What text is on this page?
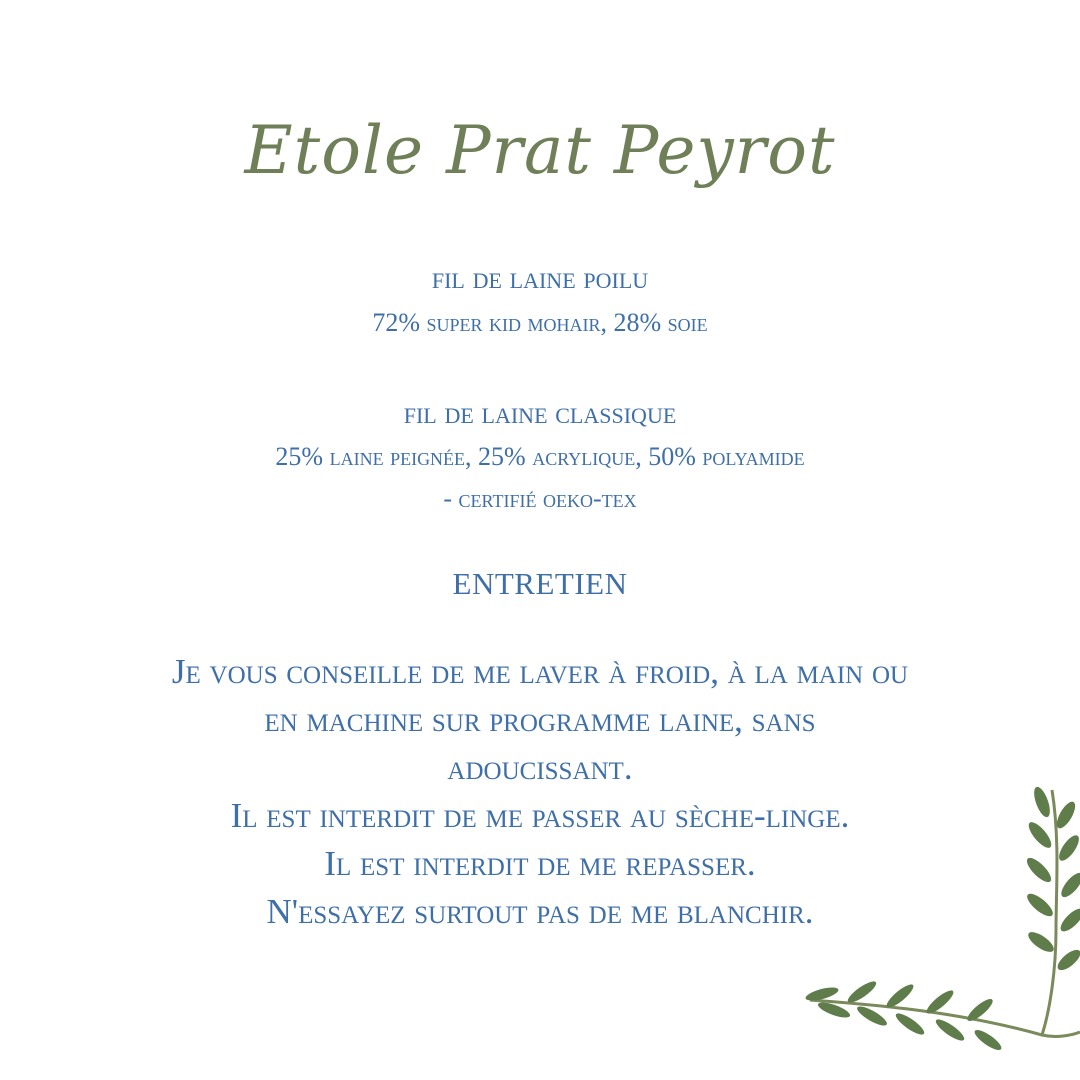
Etole Prat Peyrot

fil de laine poilu

72% super kid mohair, 28% soie

fil de laine classique

25% laine peignée, 25% acrylique, 50% polyamide

- certifié oeko-tex

ENTRETIEN

Je vous conseille de me laver à froid, à la main ou

en machine sur programme laine, sans

adoucissant.

Il est interdit de me passer au sèche-linge.

Il est interdit de me repasser.

N'essayez surtout pas de me blanchir.
